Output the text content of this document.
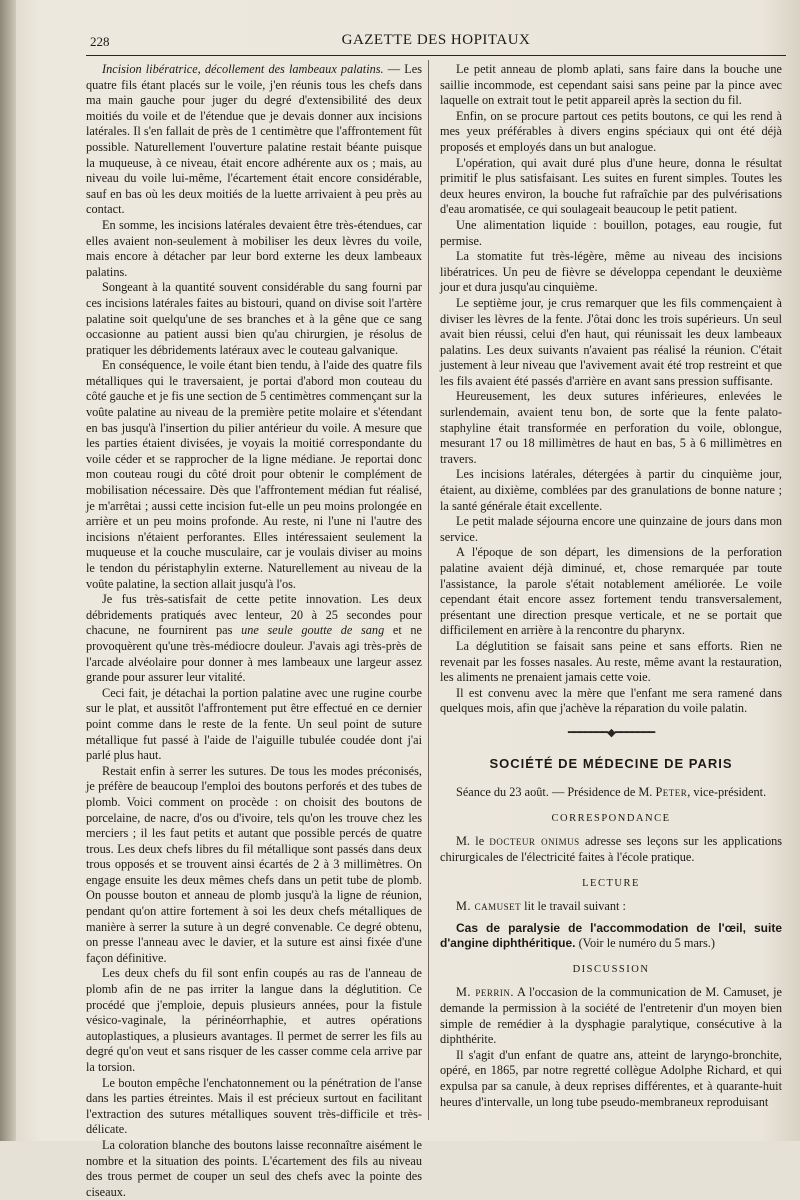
228	GAZETTE DES HOPITAUX

Incision libératrice, décollement des lambeaux palatins. — Les quatre fils étant placés sur le voile, j'en réunis tous les chefs dans ma main gauche pour juger du degré d'extensibilité des deux moitiés du voile et de l'étendue que je devais donner aux incisions latérales. Il s'en fallait de près de 1 centimètre que l'affrontement fût possible. Naturellement l'ouverture palatine restait béante puisque la muqueuse, à ce niveau, était encore adhérente aux os ; mais, au niveau du voile lui-même, l'écartement était encore considérable, sauf en bas où les deux moitiés de la luette arrivaient à peu près au contact.

En somme, les incisions latérales devaient être très-étendues, car elles avaient non-seulement à mobiliser les deux lèvres du voile, mais encore à détacher par leur bord externe les deux lambeaux palatins.

Songeant à la quantité souvent considérable du sang fourni par ces incisions latérales faites au bistouri, quand on divise soit l'artère palatine soit quelqu'une de ses branches et à la gêne que ce sang occasionne au patient aussi bien qu'au chirurgien, je résolus de pratiquer les débridements latéraux avec le couteau galvanique.

En conséquence, le voile étant bien tendu, à l'aide des quatre fils métalliques qui le traversaient, je portai d'abord mon couteau du côté gauche et je fis une section de 5 centimètres commençant sur la voûte palatine au niveau de la première petite molaire et s'étendant en bas jusqu'à l'insertion du pilier antérieur du voile. A mesure que les parties étaient divisées, je voyais la moitié correspondante du voile céder et se rapprocher de la ligne médiane. Je reportai donc mon couteau rougi du côté droit pour obtenir le complément de mobilisation nécessaire. Dès que l'affrontement médian fut réalisé, je m'arrêtai ; aussi cette incision fut-elle un peu moins prolongée en arrière et un peu moins profonde. Au reste, ni l'une ni l'autre des incisions n'étaient perforantes. Elles intéressaient seulement la muqueuse et la couche musculaire, car je voulais diviser au moins le tendon du péristaphylin externe. Naturellement au niveau de la voûte palatine, la section allait jusqu'à l'os.

Je fus très-satisfait de cette petite innovation. Les deux débridements pratiqués avec lenteur, 20 à 25 secondes pour chacune, ne fournirent pas une seule goutte de sang et ne provoquèrent qu'une très-médiocre douleur. J'avais agi très-près de l'arcade alvéolaire pour donner à mes lambeaux une largeur assez grande pour assurer leur vitalité.

Ceci fait, je détachai la portion palatine avec une rugine courbe sur le plat, et aussitôt l'affrontement put être effectué en ce dernier point comme dans le reste de la fente. Un seul point de suture métallique fut passé à l'aide de l'aiguille tubulée coudée dont j'ai parlé plus haut.

Restait enfin à serrer les sutures. De tous les modes préconisés, je préfère de beaucoup l'emploi des boutons perforés et des tubes de plomb. Voici comment on procède : on choisit des boutons de porcelaine, de nacre, d'os ou d'ivoire, tels qu'on les trouve chez les merciers ; il les faut petits et autant que possible percés de quatre trous. Les deux chefs libres du fil métallique sont passés dans deux trous opposés et se trouvent ainsi écartés de 2 à 3 millimètres. On engage ensuite les deux mêmes chefs dans un petit tube de plomb. On pousse bouton et anneau de plomb jusqu'à la ligne de réunion, pendant qu'on attire fortement à soi les deux chefs métalliques de manière à serrer la suture à un degré convenable. Ce degré obtenu, on presse l'anneau avec le davier, et la suture est ainsi fixée d'une façon définitive.

Les deux chefs du fil sont enfin coupés au ras de l'anneau de plomb afin de ne pas irriter la langue dans la déglutition. Ce procédé que j'emploie, depuis plusieurs années, pour la fistule vésico-vaginale, la périnéorrhaphie, et autres opérations autoplastiques, a plusieurs avantages. Il permet de serrer les fils au degré qu'on veut et sans risquer de les casser comme cela arrive par la torsion.

Le bouton empêche l'enchatonnement ou la pénétration de l'anse dans les parties étreintes. Mais il est précieux surtout en facilitant l'extraction des sutures métalliques souvent très-difficile et très-délicate.

La coloration blanche des boutons laisse reconnaître aisément le nombre et la situation des points. L'écartement des fils au niveau des trous permet de couper un seul des chefs avec la pointe des ciseaux.

Le petit anneau de plomb aplati, sans faire dans la bouche une saillie incommode, est cependant saisi sans peine par la pince avec laquelle on extrait tout le petit appareil après la section du fil.

Enfin, on se procure partout ces petits boutons, ce qui les rend à mes yeux préférables à divers engins spéciaux qui ont été déjà proposés et employés dans un but analogue.

L'opération, qui avait duré plus d'une heure, donna le résultat primitif le plus satisfaisant. Les suites en furent simples. Toutes les deux heures environ, la bouche fut rafraîchie par des pulvérisations d'eau aromatisée, ce qui soulageait beaucoup le petit patient.

Une alimentation liquide : bouillon, potages, eau rougie, fut permise.

La stomatite fut très-légère, même au niveau des incisions libératrices. Un peu de fièvre se développa cependant le deuxième jour et dura jusqu'au cinquième.

Le septième jour, je crus remarquer que les fils commençaient à diviser les lèvres de la fente. J'ôtai donc les trois supérieurs. Un seul avait bien réussi, celui d'en haut, qui réunissait les deux lambeaux palatins. Les deux suivants n'avaient pas réalisé la réunion. C'était justement à leur niveau que l'avivement avait été trop restreint et que les fils avaient été passés d'arrière en avant sans pression suffisante.

Heureusement, les deux sutures inférieures, enlevées le surlendemain, avaient tenu bon, de sorte que la fente palato-staphyline était transformée en perforation du voile, oblongue, mesurant 17 ou 18 millimètres de haut en bas, 5 à 6 millimètres en travers.

Les incisions latérales, détergées à partir du cinquième jour, étaient, au dixième, comblées par des granulations de bonne nature ; la santé générale était excellente.

Le petit malade séjourna encore une quinzaine de jours dans mon service.

A l'époque de son départ, les dimensions de la perforation palatine avaient déjà diminué, et, chose remarquée par toute l'assistance, la parole s'était notablement améliorée. Le voile cependant était encore assez fortement tendu transversalement, présentant une direction presque verticale, et ne se portait que difficilement en arrière à la rencontre du pharynx.

La déglutition se faisait sans peine et sans efforts. Rien ne revenait par les fosses nasales. Au reste, même avant la restauration, les aliments ne prenaient jamais cette voie.

Il est convenu avec la mère que l'enfant me sera ramené dans quelques mois, afin que j'achève la réparation du voile palatin.

━━━━━━━◆━━━━━━━
SOCIÉTÉ DE MÉDECINE DE PARIS

Séance du 23 août. — Présidence de M. Peter, vice-président.

CORRESPONDANCE

M. le docteur onimus adresse ses leçons sur les applications chirurgicales de l'électricité faites à l'école pratique.

LECTURE

M. camuset lit le travail suivant :

Cas de paralysie de l'accommodation de l'œil, suite d'angine diphthéritique. (Voir le numéro du 5 mars.)

DISCUSSION

M. perrin. A l'occasion de la communication de M. Camuset, je demande la permission à la société de l'entretenir d'un moyen bien simple de remédier à la dysphagie paralytique, consécutive à la diphthérite.

Il s'agit d'un enfant de quatre ans, atteint de laryngo-bronchite, opéré, en 1865, par notre regretté collègue Adolphe Richard, et qui expulsa par sa canule, à deux reprises différentes, et à quarante-huit heures d'intervalle, un long tube pseudo-membraneux reproduisant
